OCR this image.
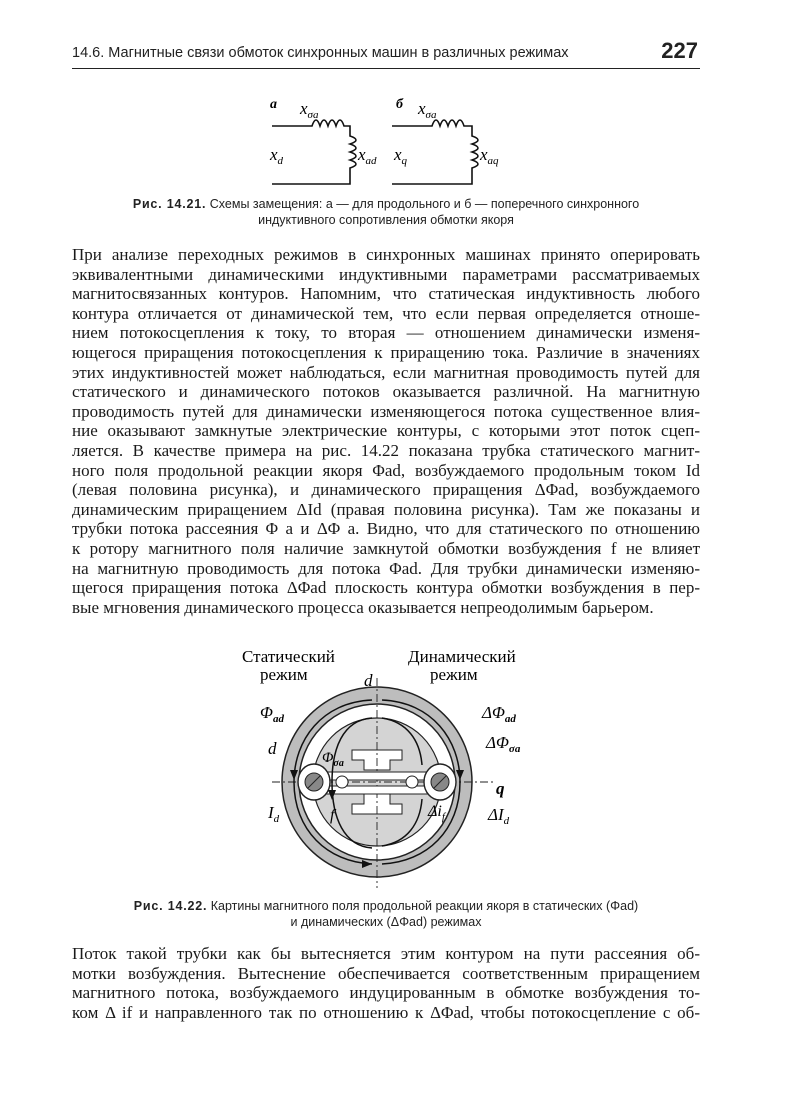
14.6. Магнитные связи обмоток синхронных машин в различных режимах	227
а $x_{\sigma a}$
$x_d$	$x_{ad}$
б $x_{\sigma a}$
$x_q$	$x_{aq}$
Рис. 14.21. Схемы замещения: а — для продольного и б — поперечного синхронного
индуктивного сопротивления обмотки якоря
При анализе переходных режимов в синхронных машинах принято оперировать
эквивалентными динамическими индуктивными параметрами рассматриваемых
магнитосвязанных контуров. Напомним, что статическая индуктивность любого
контура отличается от динамической тем, что если первая определяется отноше-
нием потокосцепления к току, то вторая — отношением динамически изменя-
ющегося приращения потокосцепления к приращению тока. Различие в значениях
этих индуктивностей может наблюдаться, если магнитная проводимость путей для
статического и динамического потоков оказывается различной. На магнитную
проводимость путей для динамически изменяющегося потока существенное влия-
ние оказывают замкнутые электрические контуры, с которыми этот поток сцеп-
ляется. В качестве примера на рис. 14.22 показана трубка статического магнит-
ного поля продольной реакции якоря Φad, возбуждаемого продольным током Id
(левая половина рисунка), и динамического приращения ΔΦad, возбуждаемого
динамическим приращением ΔId (правая половина рисунка). Там же показаны и
трубки потока рассеяния Φ a и ΔΦ a. Видно, что для статического по отношению
к ротору магнитного поля наличие замкнутой обмотки возбуждения f не влияет
на магнитную проводимость для потока Φad. Для трубки динамически изменяю-
щегося приращения потока ΔΦad плоскость контура обмотки возбуждения в пер-
вые мгновения динамического процесса оказывается непреодолимым барьером.
Статический
режим
Динамический
режим
d
$\Phi_{ad}$
d	$\Phi_{\sigma a}$
$I_d$	f
$\Delta\Phi_{ad}$
$\Delta\Phi_{\sigma a}$
q
$\Delta i_f$	$\Delta I_d$
Рис. 14.22. Картины магнитного поля продольной реакции якоря в статических (Φad)
и динамических (ΔΦad) режимах
Поток такой трубки как бы вытесняется этим контуром на пути рассеяния об-
мотки возбуждения. Вытеснение обеспечивается соответственным приращением
магнитного потока, возбуждаемого индуцированным в обмотке возбуждения то-
ком Δ if и направленного так по отношению к ΔΦad, чтобы потокосцепление с об-
